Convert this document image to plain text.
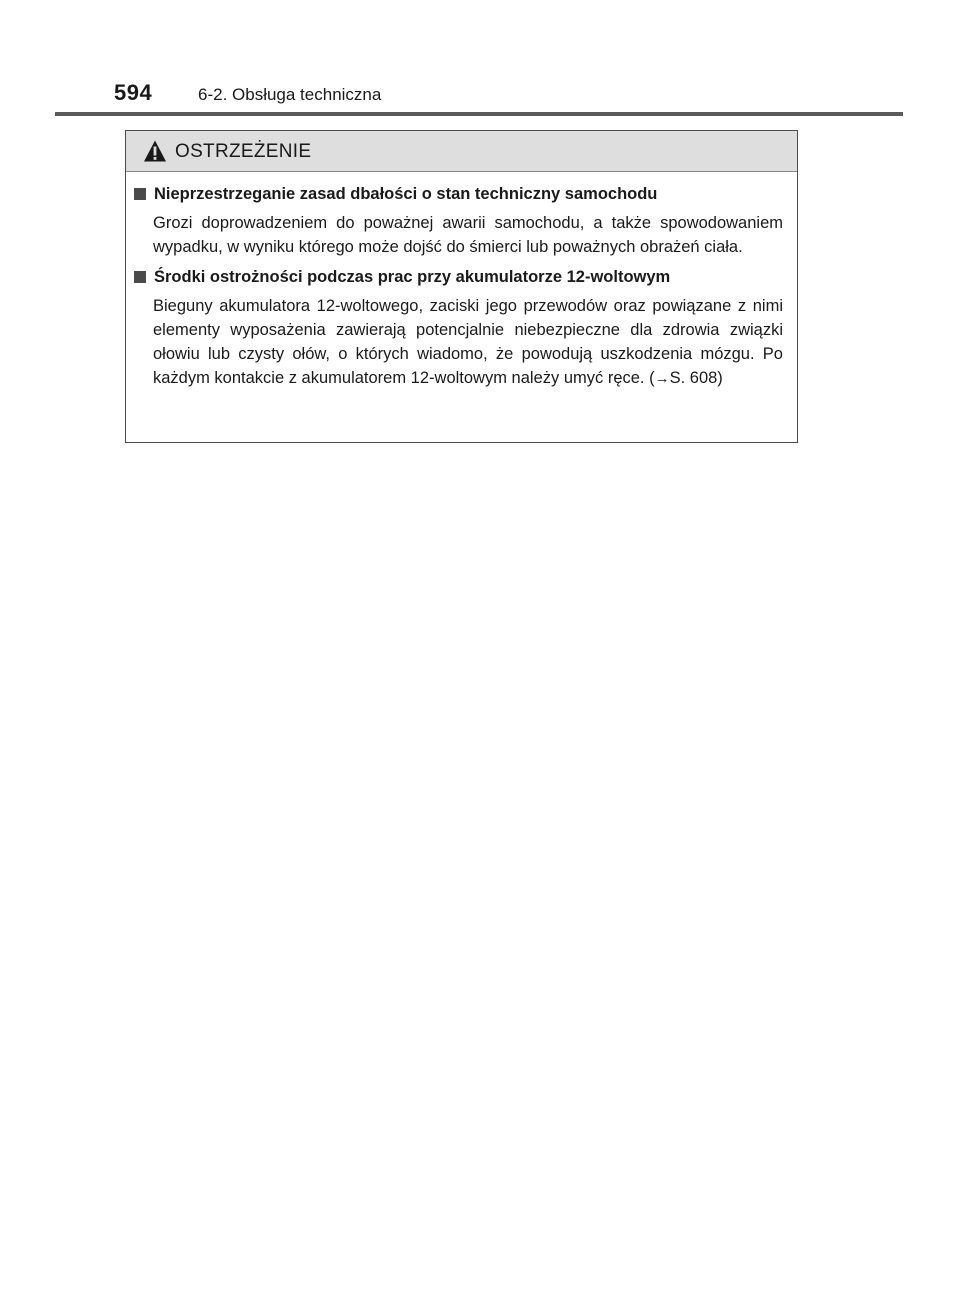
594	6-2. Obsługa techniczna
OSTRZEŻENIE
Nieprzestrzeganie zasad dbałości o stan techniczny samochodu
Grozi doprowadzeniem do poważnej awarii samochodu, a także spowodowaniem wypadku, w wyniku którego może dojść do śmierci lub poważnych obrażeń ciała.
Środki ostrożności podczas prac przy akumulatorze 12-woltowym
Bieguny akumulatora 12-woltowego, zaciski jego przewodów oraz powiązane z nimi elementy wyposażenia zawierają potencjalnie niebezpieczne dla zdrowia związki ołowiu lub czysty ołów, o których wiadomo, że powodują uszkodzenia mózgu. Po każdym kontakcie z akumulatorem 12-woltowym należy umyć ręce. (→S. 608)
